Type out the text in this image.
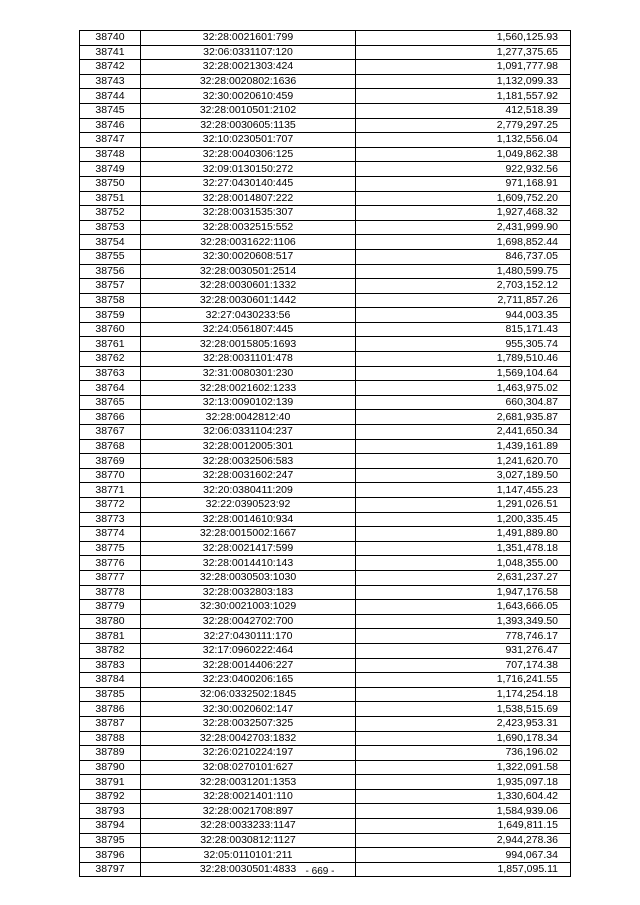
38740	32:28:0021601:799	1,560,125.93
38741	32:06:0331107:120	1,277,375.65
38742	32:28:0021303:424	1,091,777.98
38743	32:28:0020802:1636	1,132,099.33
38744	32:30:0020610:459	1,181,557.92
38745	32:28:0010501:2102	412,518.39
38746	32:28:0030605:1135	2,779,297.25
38747	32:10:0230501:707	1,132,556.04
38748	32:28:0040306:125	1,049,862.38
38749	32:09:0130150:272	922,932.56
38750	32:27:0430140:445	971,168.91
38751	32:28:0014807:222	1,609,752.20
38752	32:28:0031535:307	1,927,468.32
38753	32:28:0032515:552	2,431,999.90
38754	32:28:0031622:1106	1,698,852.44
38755	32:30:0020608:517	846,737.05
38756	32:28:0030501:2514	1,480,599.75
38757	32:28:0030601:1332	2,703,152.12
38758	32:28:0030601:1442	2,711,857.26
38759	32:27:0430233:56	944,003.35
38760	32:24:0561807:445	815,171.43
38761	32:28:0015805:1693	955,305.74
38762	32:28:0031101:478	1,789,510.46
38763	32:31:0080301:230	1,569,104.64
38764	32:28:0021602:1233	1,463,975.02
38765	32:13:0090102:139	660,304.87
38766	32:28:0042812:40	2,681,935.87
38767	32:06:0331104:237	2,441,650.34
38768	32:28:0012005:301	1,439,161.89
38769	32:28:0032506:583	1,241,620.70
38770	32:28:0031602:247	3,027,189.50
38771	32:20:0380411:209	1,147,455.23
38772	32:22:0390523:92	1,291,026.51
38773	32:28:0014610:934	1,200,335.45
38774	32:28:0015002:1667	1,491,889.80
38775	32:28:0021417:599	1,351,478.18
38776	32:28:0014410:143	1,048,355.00
38777	32:28:0030503:1030	2,631,237.27
38778	32:28:0032803:183	1,947,176.58
38779	32:30:0021003:1029	1,643,666.05
38780	32:28:0042702:700	1,393,349.50
38781	32:27:0430111:170	778,746.17
38782	32:17:0960222:464	931,276.47
38783	32:28:0014406:227	707,174.38
38784	32:23:0400206:165	1,716,241.55
38785	32:06:0332502:1845	1,174,254.18
38786	32:30:0020602:147	1,538,515.69
38787	32:28:0032507:325	2,423,953.31
38788	32:28:0042703:1832	1,690,178.34
38789	32:26:0210224:197	736,196.02
38790	32:08:0270101:627	1,322,091.58
38791	32:28:0031201:1353	1,935,097.18
38792	32:28:0021401:110	1,330,604.42
38793	32:28:0021708:897	1,584,939.06
38794	32:28:0033233:1147	1,649,811.15
38795	32:28:0030812:1127	2,944,278.36
38796	32:05:0110101:211	994,067.34
38797	32:28:0030501:4833	1,857,095.11
- 669 -
